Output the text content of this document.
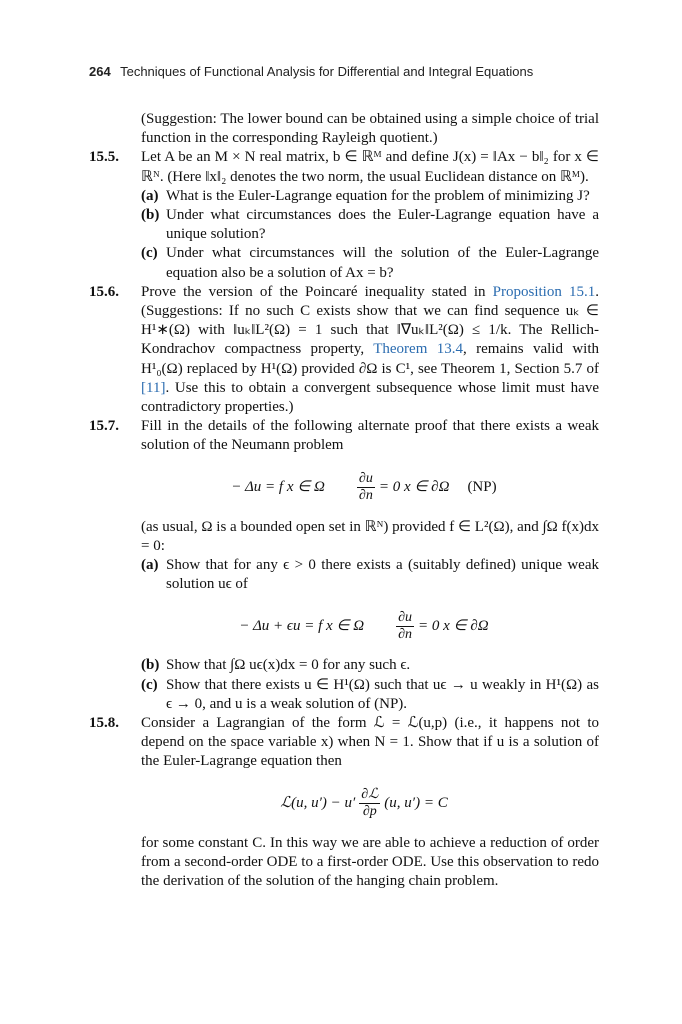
264 Techniques of Functional Analysis for Differential and Integral Equations

(Suggestion: The lower bound can be obtained using a simple choice of trial function in the corresponding Rayleigh quotient.)

15.5. Let A be an M × N real matrix, b ∈ ℝᴹ and define J(x) = ‖Ax − b‖₂ for x ∈ ℝᴺ. (Here ‖x‖₂ denotes the two norm, the usual Euclidean distance on ℝᴹ).
(a) What is the Euler-Lagrange equation for the problem of minimizing J?
(b) Under what circumstances does the Euler-Lagrange equation have a unique solution?
(c) Under what circumstances will the solution of the Euler-Lagrange equation also be a solution of Ax = b?
15.6. Prove the version of the Poincaré inequality stated in Proposition 15.1. (Suggestions: If no such C exists show that we can find sequence uₖ ∈ H¹∗(Ω) with ‖uₖ‖L²(Ω) = 1 such that ‖∇uₖ‖L²(Ω) ≤ 1/k. The Rellich-Kondrachov compactness property, Theorem 13.4, remains valid with H¹₀(Ω) replaced by H¹(Ω) provided ∂Ω is C¹, see Theorem 1, Section 5.7 of [11]. Use this to obtain a convergent subsequence whose limit must have contradictory properties.)
15.7. Fill in the details of the following alternate proof that there exists a weak solution of the Neumann problem
− Δu = f x ∈ Ω $\frac{\partial u}{\partial n} = 0$ x ∈ ∂Ω (NP)

(as usual, Ω is a bounded open set in ℝᴺ) provided f ∈ L²(Ω), and ∫Ω f(x)dx = 0:

(a) Show that for any ϵ > 0 there exists a (suitably defined) unique weak solution uϵ of
− Δu + ϵu = f x ∈ Ω $\frac{\partial u}{\partial n} = 0$ x ∈ ∂Ω
(b) Show that ∫Ω uϵ(x)dx = 0 for any such ϵ.
(c) Show that there exists u ∈ H¹(Ω) such that uϵ → u weakly in H¹(Ω) as ϵ → 0, and u is a weak solution of (NP).
15.8. Consider a Lagrangian of the form ℒ = ℒ(u,p) (i.e., it happens not to depend on the space variable x) when N = 1. Show that if u is a solution of the Euler-Lagrange equation then
ℒ(u, $u') - u' \frac{\text{∂ℒ}}{\partial p} (u$, u′) = C

for some constant C. In this way we are able to achieve a reduction of order from a second-order ODE to a first-order ODE. Use this observation to redo the derivation of the solution of the hanging chain problem.
